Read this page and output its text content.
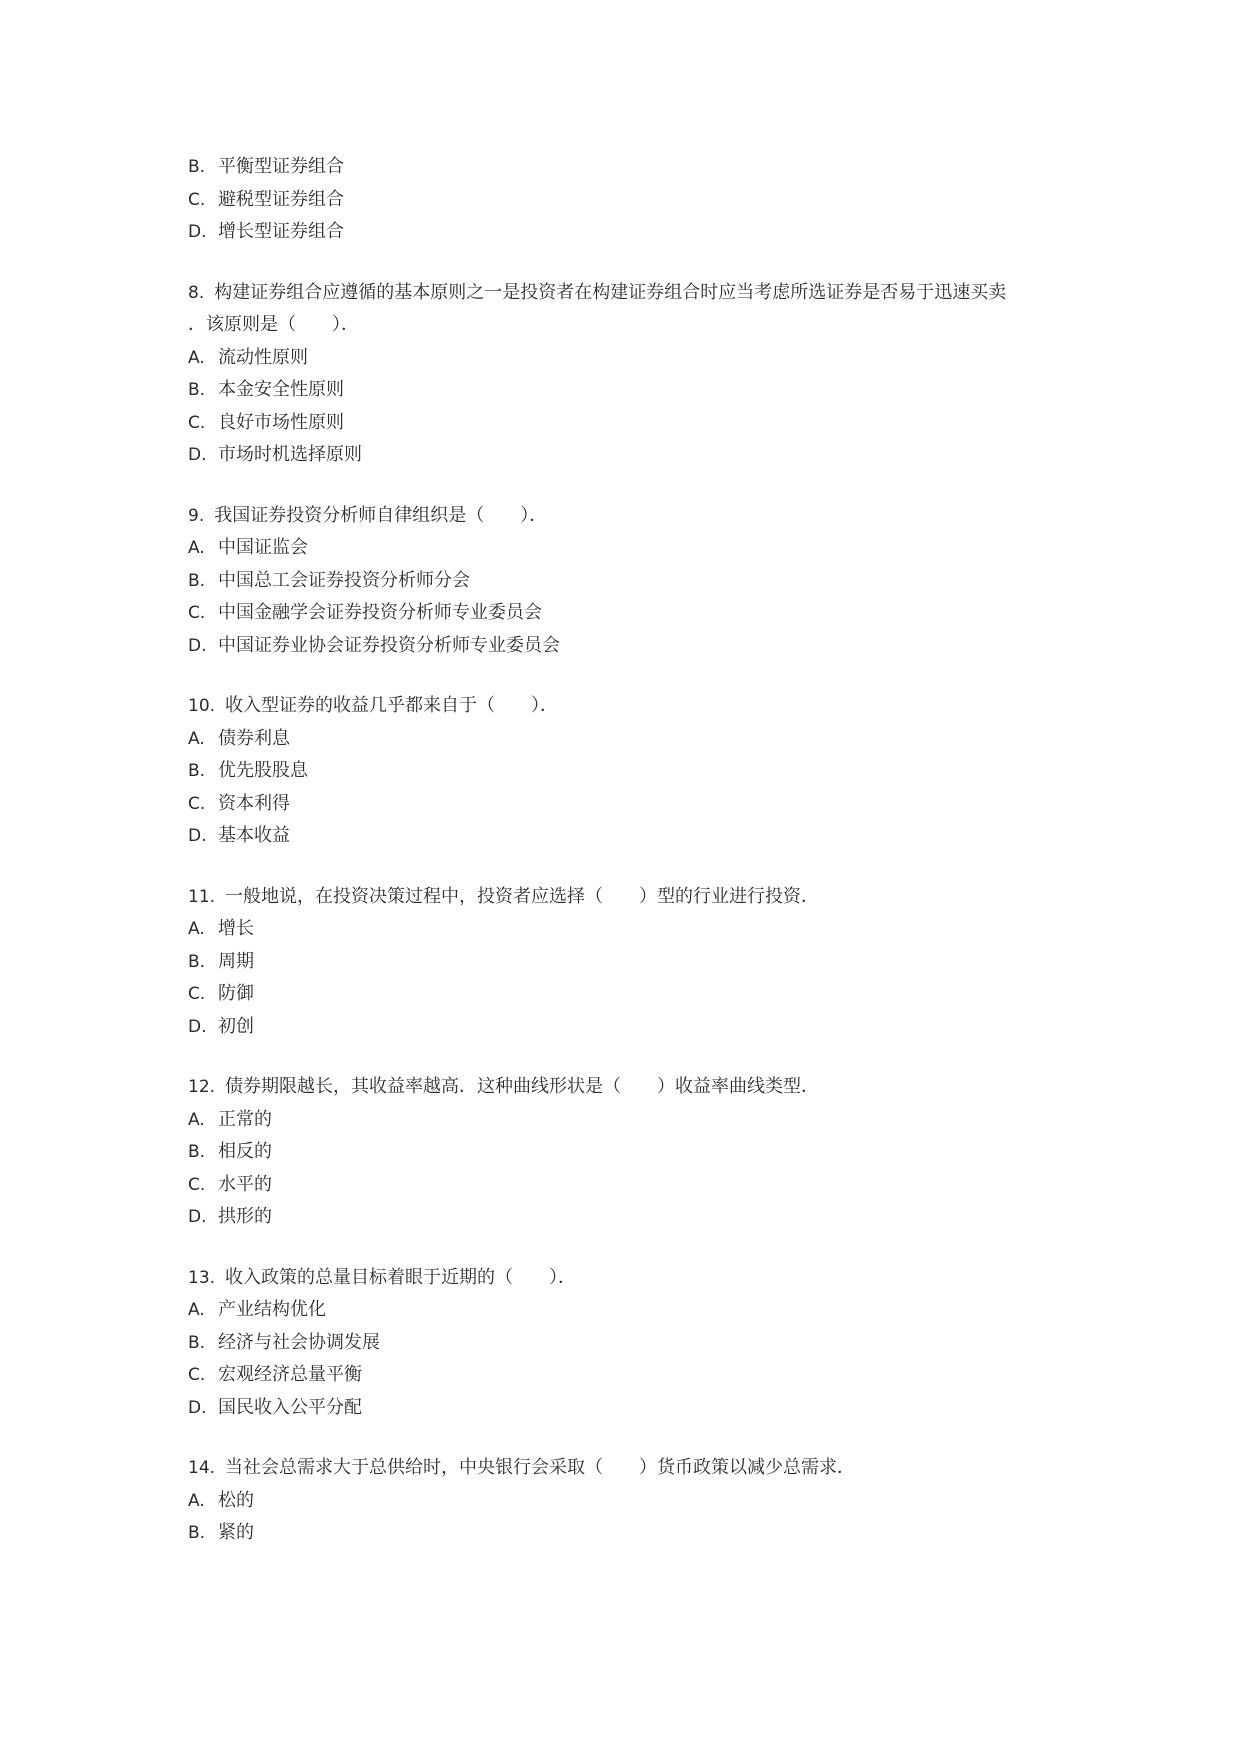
B. 平衡型证券组合
C. 避税型证券组合
D. 增长型证券组合
8. 构建证券组合应遵循的基本原则之一是投资者在构建证券组合时应当考虑所选证券是否易于迅速买卖
．该原则是（　　）．
A. 流动性原则
B. 本金安全性原则
C. 良好市场性原则
D. 市场时机选择原则
9. 我国证券投资分析师自律组织是（　　）．
A. 中国证监会
B. 中国总工会证券投资分析师分会
C. 中国金融学会证券投资分析师专业委员会
D. 中国证券业协会证券投资分析师专业委员会
10. 收入型证券的收益几乎都来自于（　　）．
A. 债券利息
B. 优先股股息
C. 资本利得
D. 基本收益
11. 一般地说，在投资决策过程中，投资者应选择（　　）型的行业进行投资．
A. 增长
B. 周期
C. 防御
D. 初创
12. 债券期限越长，其收益率越高．这种曲线形状是（　　）收益率曲线类型．
A. 正常的
B. 相反的
C. 水平的
D. 拱形的
13. 收入政策的总量目标着眼于近期的（　　）．
A. 产业结构优化
B. 经济与社会协调发展
C. 宏观经济总量平衡
D. 国民收入公平分配
14. 当社会总需求大于总供给时，中央银行会采取（　　）货币政策以减少总需求．
A. 松的
B. 紧的
